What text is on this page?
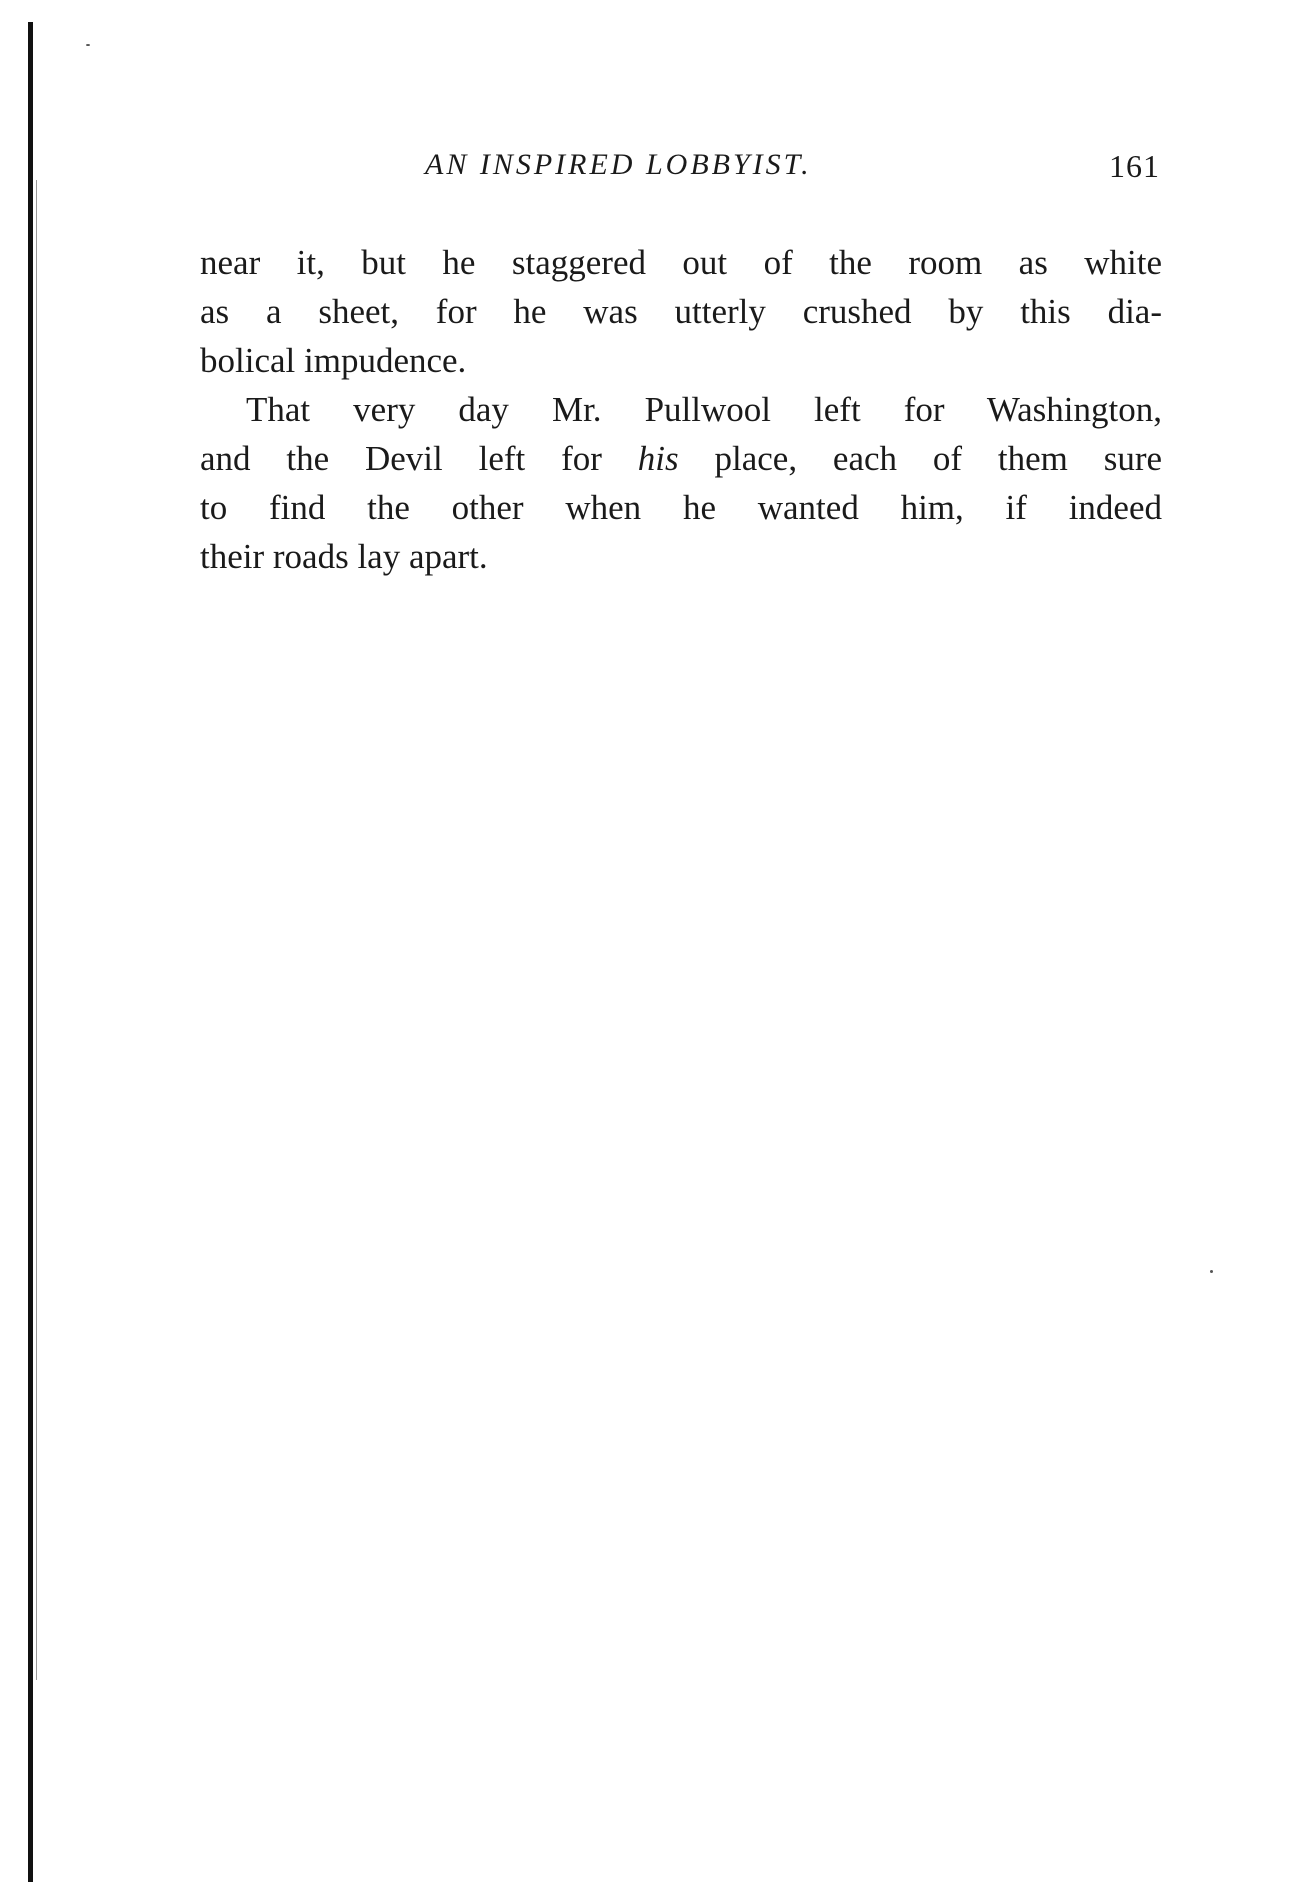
AN INSPIRED LOBBYIST.	161
near it, but he staggered out of the room as white
as a sheet, for he was utterly crushed by this dia-
bolical impudence.
That very day Mr. Pullwool left for Washington,
and the Devil left for his place, each of them sure
to find the other when he wanted him, if indeed
their roads lay apart.
